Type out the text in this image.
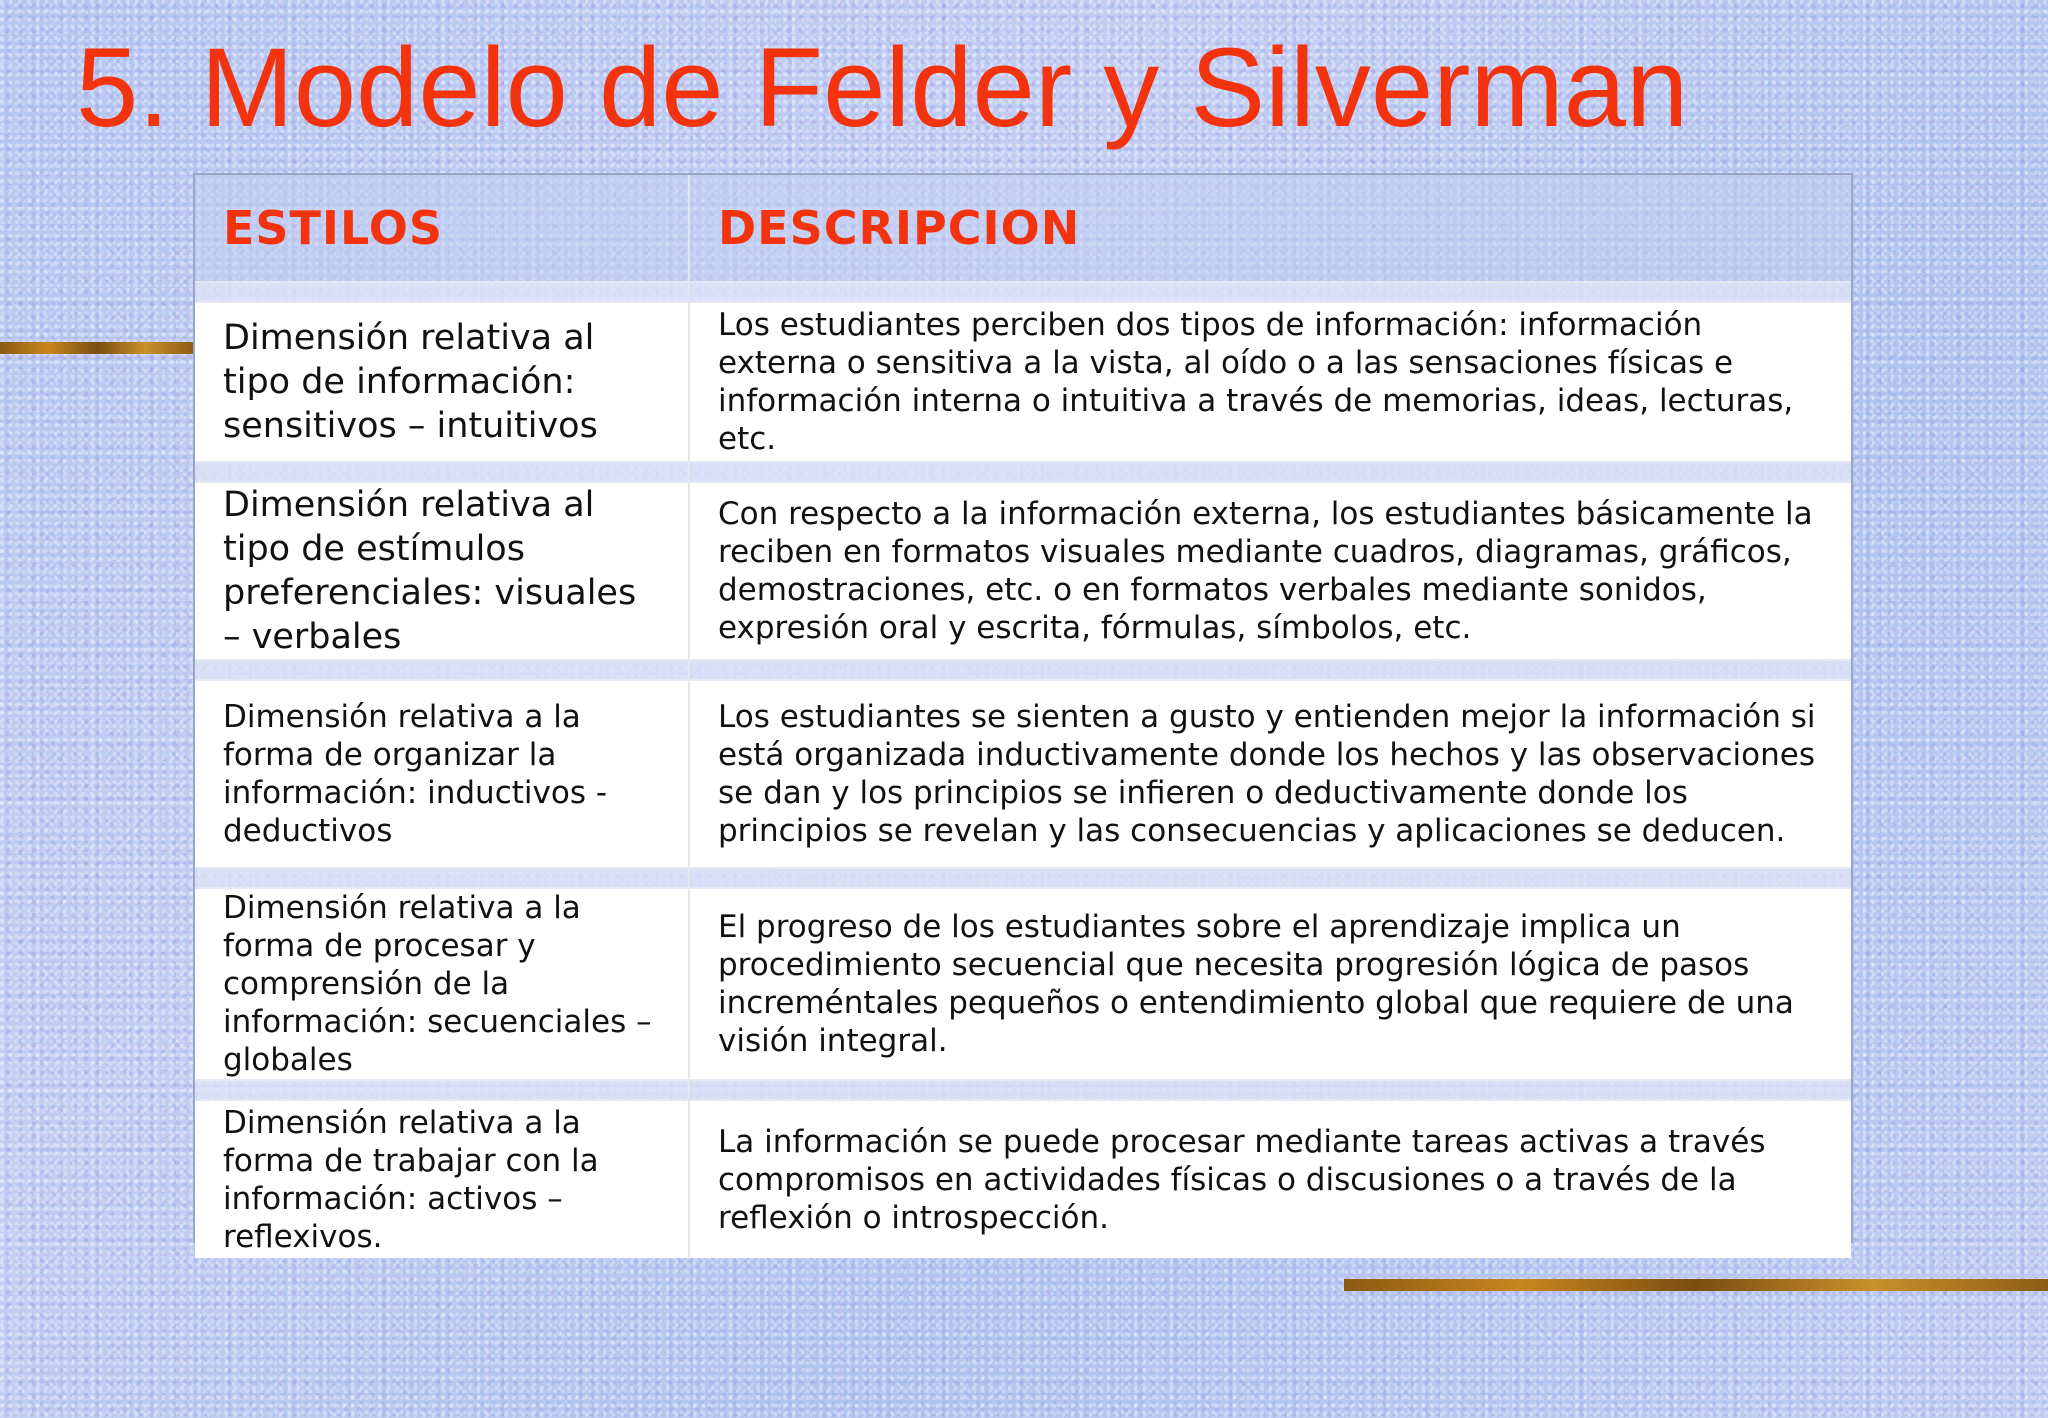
5. Modelo de Felder y Silverman
ESTILOS	DESCRIPCION

Dimensión relativa al tipo de información: sensitivos – intuitivos	Los estudiantes perciben dos tipos de información: información externa o sensitiva a la vista, al oído o a las sensaciones físicas e información interna o intuitiva a través de memorias, ideas, lecturas, etc.

Dimensión relativa al tipo de estímulos preferenciales: visuales – verbales	Con respecto a la información externa, los estudiantes básicamente la reciben en formatos visuales mediante cuadros, diagramas, gráficos, demostraciones, etc. o en formatos verbales mediante sonidos, expresión oral y escrita, fórmulas, símbolos, etc.

Dimensión relativa a la forma de organizar la información: inductivos - deductivos	Los estudiantes se sienten a gusto y entienden mejor la información si está organizada inductivamente donde los hechos y las observaciones se dan y los principios se infieren o deductivamente donde los principios se revelan y las consecuencias y aplicaciones se deducen.

Dimensión relativa a la forma de procesar y comprensión de la información: secuenciales – globales	El progreso de los estudiantes sobre el aprendizaje implica un procedimiento secuencial que necesita progresión lógica de pasos increméntales pequeños o entendimiento global que requiere de una visión integral.

Dimensión relativa a la forma de trabajar con la información: activos – reflexivos.	La información se puede procesar mediante tareas activas a través compromisos en actividades físicas o discusiones o a través de la reflexión o introspección.
